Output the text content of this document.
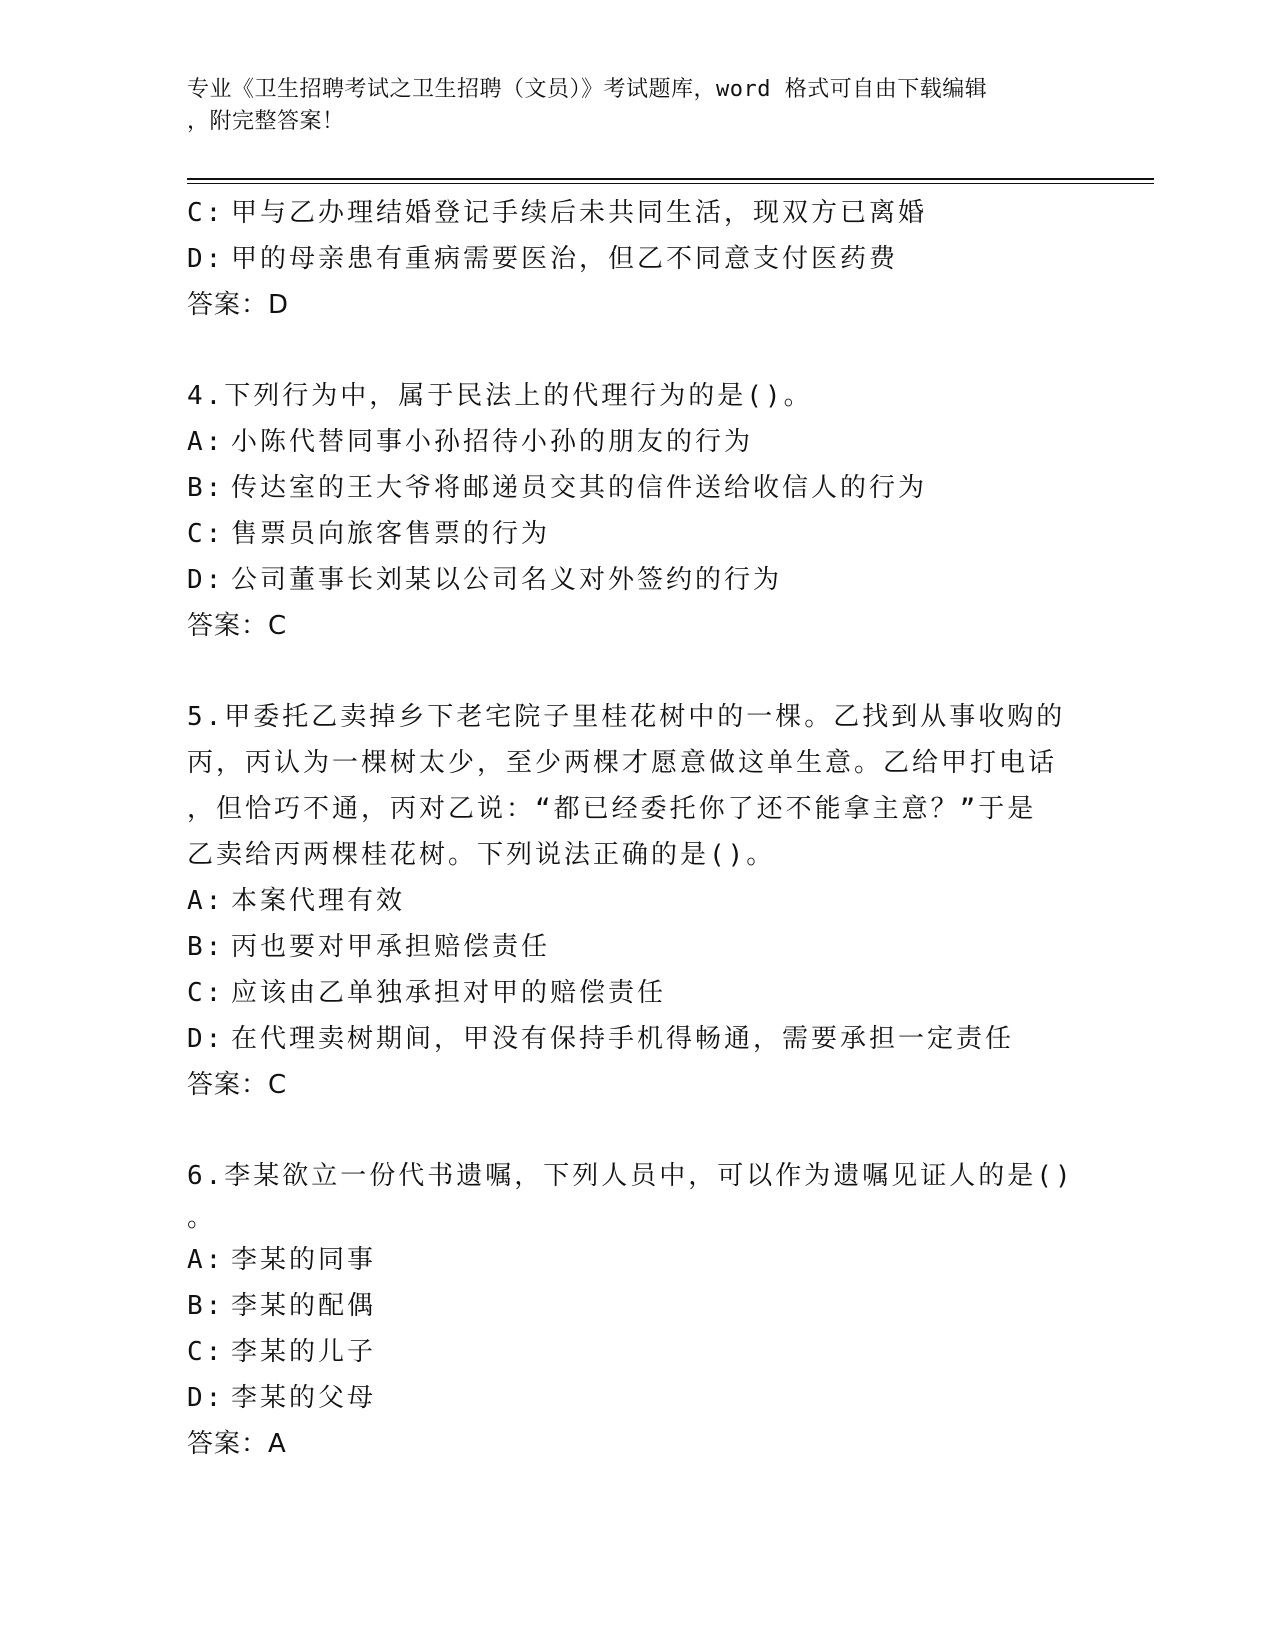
专业《卫生招聘考试之卫生招聘（文员）》考试题库，word 格式可自由下载编辑
，附完整答案！
C: 甲与乙办理结婚登记手续后未共同生活，现双方已离婚
D: 甲的母亲患有重病需要医治，但乙不同意支付医药费
答案：D
4.下列行为中，属于民法上的代理行为的是()。
A: 小陈代替同事小孙招待小孙的朋友的行为
B: 传达室的王大爷将邮递员交其的信件送给收信人的行为
C: 售票员向旅客售票的行为
D: 公司董事长刘某以公司名义对外签约的行为
答案：C
5.甲委托乙卖掉乡下老宅院子里桂花树中的一棵。乙找到从事收购的
丙，丙认为一棵树太少，至少两棵才愿意做这单生意。乙给甲打电话
，但恰巧不通，丙对乙说：“都已经委托你了还不能拿主意？”于是
乙卖给丙两棵桂花树。下列说法正确的是()。
A: 本案代理有效
B: 丙也要对甲承担赔偿责任
C: 应该由乙单独承担对甲的赔偿责任
D: 在代理卖树期间，甲没有保持手机得畅通，需要承担一定责任
答案：C
6.李某欲立一份代书遗嘱，下列人员中，可以作为遗嘱见证人的是()
。
A: 李某的同事
B: 李某的配偶
C: 李某的儿子
D: 李某的父母
答案：A
